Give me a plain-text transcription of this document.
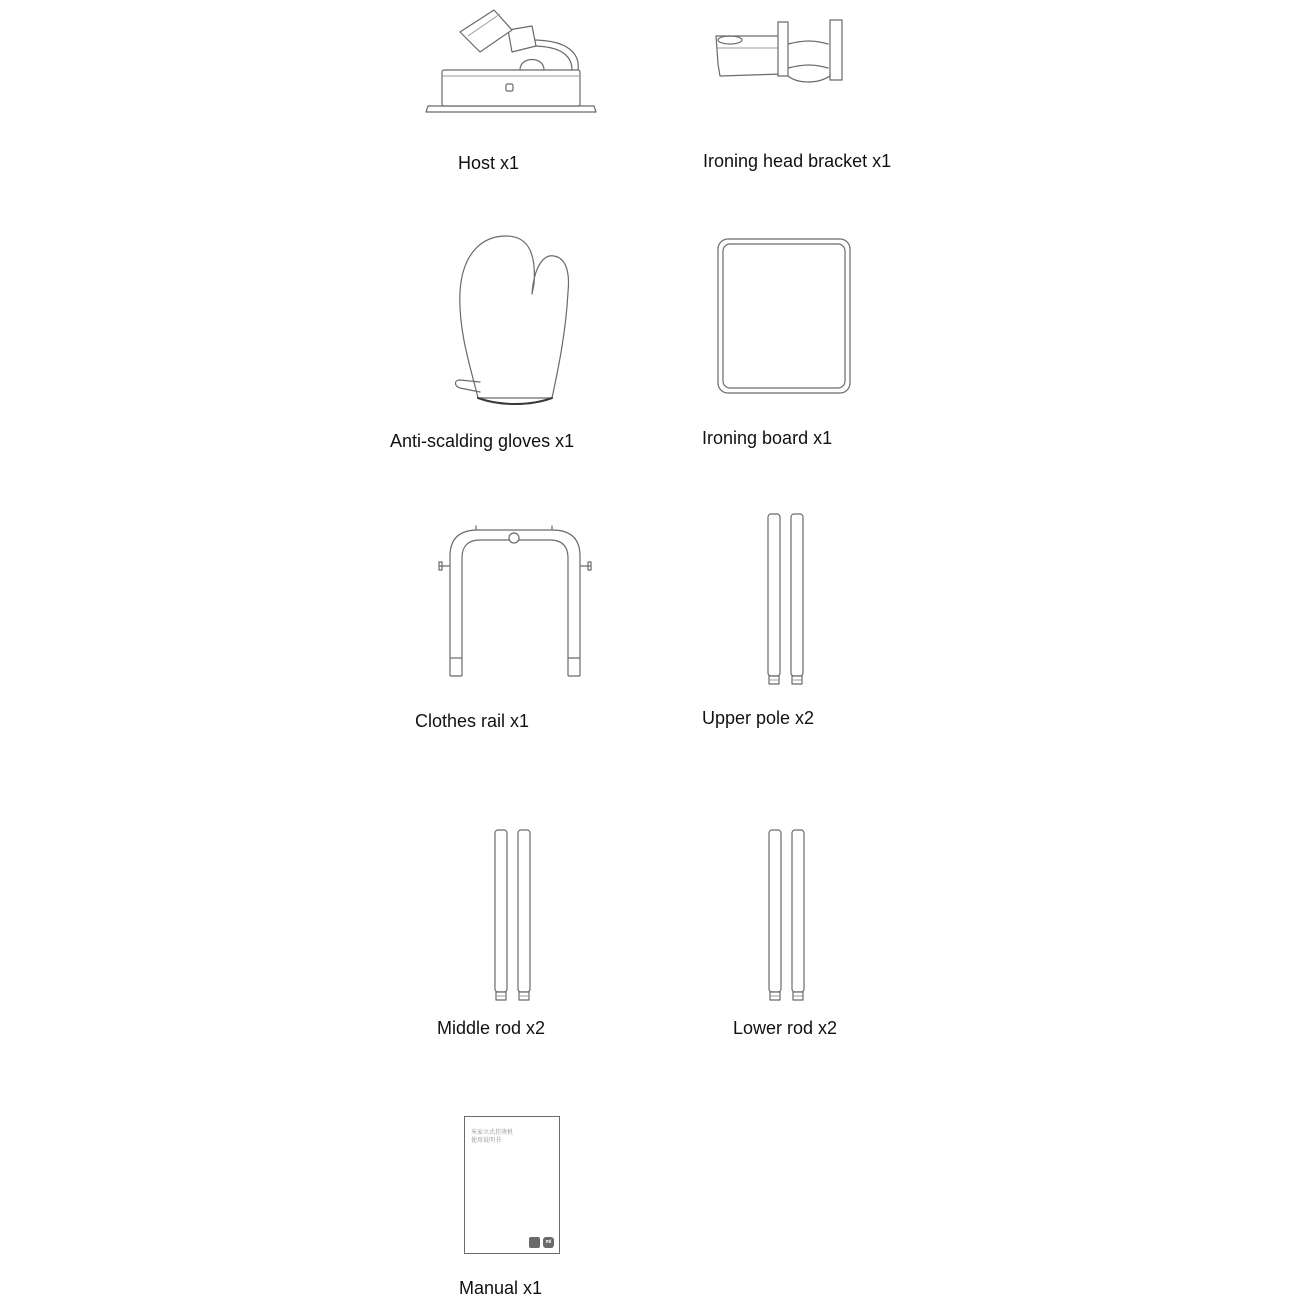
Host x1	Ironing head bracket x1
Anti-scalding gloves x1	Ironing board x1
Clothes rail x1	Upper pole x2
Middle rod x2	Lower rod x2
米家立式挂烫机
使用说明书
mijia	mi
Manual x1
